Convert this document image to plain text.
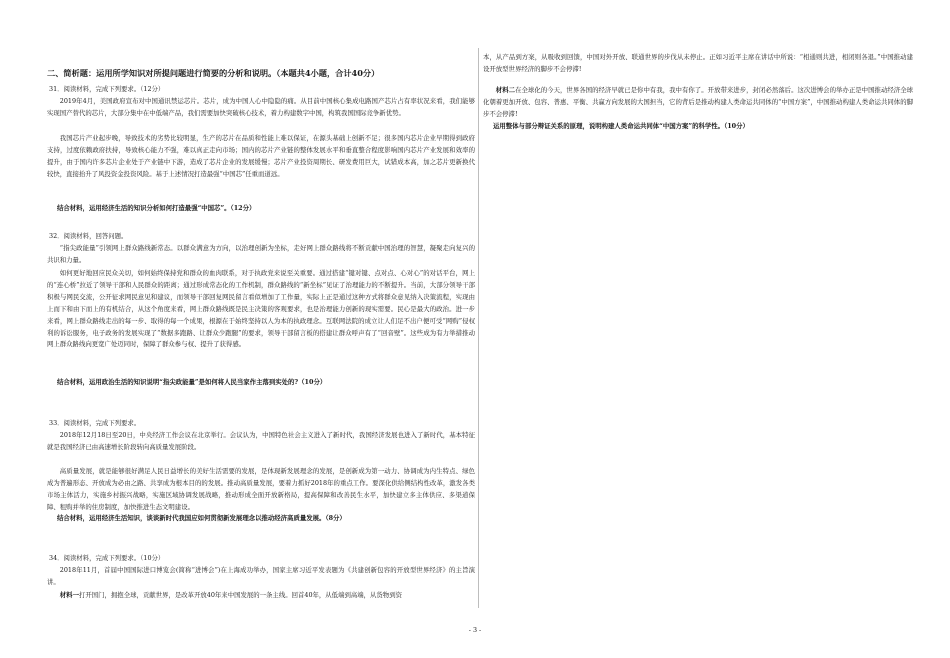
二、简析题：运用所学知识对所提问题进行简要的分析和说明。（本题共4小题，合计40分）
31．阅读材料，完成下列要求。（12分）
2019年4月，美国政府宣布对中国通讯禁运芯片。芯片，成为中国人心中隐隐的痛。从目前中国核心集成电路国产芯片占有率状况来看，我们能够实现国产替代的芯片，大部分集中在中低端产品，我们需要加快突破核心技术，着力构建数字中国，构筑我国国际竞争新优势。
我国芯片产业起步晚，导致技术的劣势比较明显，生产的芯片在品质和性能上难以保证，在源头基础上创新不足；很多国内芯片企业早期得到政府支持，过度依赖政府扶持，导致核心能力不强，难以真正走向市场；国内的芯片产业链的整体发展水平和垂直整合程度影响国内芯片产业发展和效率的提升，由于国内许多芯片企业处于产业链中下游，造成了芯片企业的发展缓慢；芯片产业投资周期长、研发费用巨大，试错成本高，加之芯片更新换代较快，直接抬升了风投资金投资风险。基于上述情况打造最强“中国芯”任重而道远。
结合材料，运用经济生活的知识分析如何打造最强“中国芯”。（12分）
32．阅读材料，回答问题。
“指尖政能量”引领网上群众路线新常态。以群众满意为方向，以治理创新为坐标，走好网上群众路线将不断贡献中国治理的智慧，凝聚走向复兴的共识和力量。
如何更好地回应民众关切，如何始终保持党和群众的血肉联系，对于执政党来说至关重要。通过搭建“键对键、点对点、心对心”的对话平台，网上的“连心桥”拉近了领导干部和人民群众的距离；通过形成常态化的工作机制，群众路线的“新坐标”见证了治理能力的不断提升。当前，大部分领导干部积极与网民交流，公开征求网民意见和建议，而领导干部回复网民留言看似增加了工作量，实际上正是通过这种方式将群众意见纳入决策流程，实现由上而下和由下而上的有机结合，从这个角度来看，网上群众路线既是民主决策的客观要求，也是治理能力创新的现实需要。民心是最大的政治。进一步来看，网上群众路线走出的每一步、取得的每一个成果，根源在于始终坚持以人为本的执政理念。互联网法院的成立让人们足不出户便可受“网购”侵权利的诉讼服务，电子政务的发展实现了“数据多跑路、让群众少跑腿”的要求，领导干部留言板的搭建让群众呼声有了“回音壁”。这些成为有力举措推动网上群众路线向更宽广处迈同时，保障了群众参与权、提升了获得感。
结合材料，运用政治生活的知识说明“指尖政能量”是如何将人民当家作主落到实处的?（10分）
33．阅读材料，完成下列要求。
2018年12月18日至20日，中央经济工作会议在北京举行。会议认为，中国特色社会主义进入了新时代，我国经济发展也进入了新时代，基本特征就是我国经济已由高速增长阶段转向高质量发展阶段。
高质量发展，就是能够很好满足人民日益增长的美好生活需要的发展，是体现新发展理念的发展，是创新成为第一动力、协调成为内生特点、绿色成为普遍形态、开放成为必由之路、共享成为根本目的的发展。推动高质量发展，要着力抓好2018年的重点工作。要深化供给侧结构性改革，激发各类市场主体活力，实施乡村振兴战略，实施区域协调发展战略，推动形成全面开放新格局，提高保障和改善民生水平，加快建立多主体供应、多渠道保障、租购并举的住房制度，加快推进生态文明建设。
结合材料，运用经济生活知识，谈谈新时代我国应如何贯彻新发展理念以推动经济高质量发展。（8分）
34．阅读材料，完成下列要求。（10分）
2018年11月，首届中国国际进口博览会(简称“进博会”)在上海成功举办，国家主席习近平发表题为《共建创新包容的开放型世界经济》的主旨演讲。
材料一打开国门，拥抱全球，贡献世界，是改革开放40年来中国发展的一条主线。回首40年，从低端到高端，从货物到资
本，从产品到方案，从吸收到回馈，中国对外开放、联通世界的步伐从未停止。正如习近平主席在讲话中所说：“相通则共进，相闭则各退。”中国推动建设开放型世界经济的脚步不会停滞!
材料二在全球化的今天，世界各国的经济早就已是你中有我，我中有你了。开放带来进步，封闭必然落后。这次进博会的举办正是中国推动经济全球化朝着更加开放、包容、普惠、平衡、共赢方向发展的大国担当，它的背后是推动构建人类命运共同体的“中国方案”，中国推动构建人类命运共同体的脚步不会停滞!
运用整体与部分辩证关系的原理，说明构建人类命运共同体“中国方案”的科学性。（10分）
- 3 -
